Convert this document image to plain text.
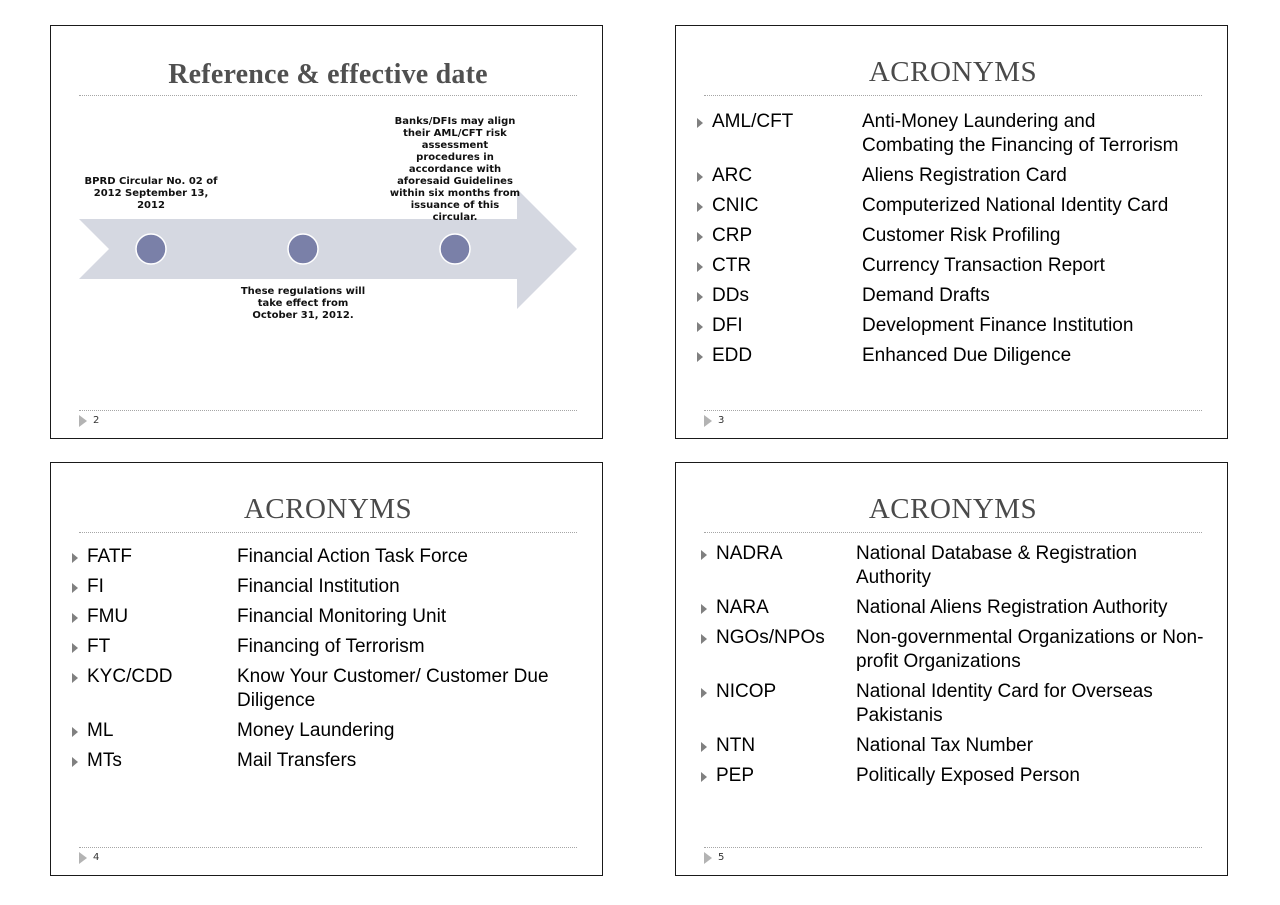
Reference & effective date
BPRD Circular No. 02 of 2012 September 13, 2012
These regulations will take effect from October 31, 2012.
Banks/DFIs may align their AML/CFT risk assessment procedures in accordance with aforesaid Guidelines within six months from issuance of this circular.
2
ACRONYMS
AML/CFT	Anti-Money Laundering and Combating the Financing of Terrorism
ARC	Aliens Registration Card
CNIC	Computerized National Identity Card
CRP	Customer Risk Profiling
CTR	Currency Transaction Report
DDs	Demand Drafts
DFI	Development Finance Institution
EDD	Enhanced Due Diligence
3
ACRONYMS
FATF	Financial Action Task Force
FI	Financial Institution
FMU	Financial Monitoring Unit
FT	Financing of Terrorism
KYC/CDD	Know Your Customer/ Customer Due Diligence
ML	Money Laundering
MTs	Mail Transfers
4
ACRONYMS
NADRA	National Database & Registration Authority
NARA	National Aliens Registration Authority
NGOs/NPOs	Non-governmental Organizations or Non-profit Organizations
NICOP	National Identity Card for Overseas Pakistanis
NTN	National Tax Number
PEP	Politically Exposed Person
5
